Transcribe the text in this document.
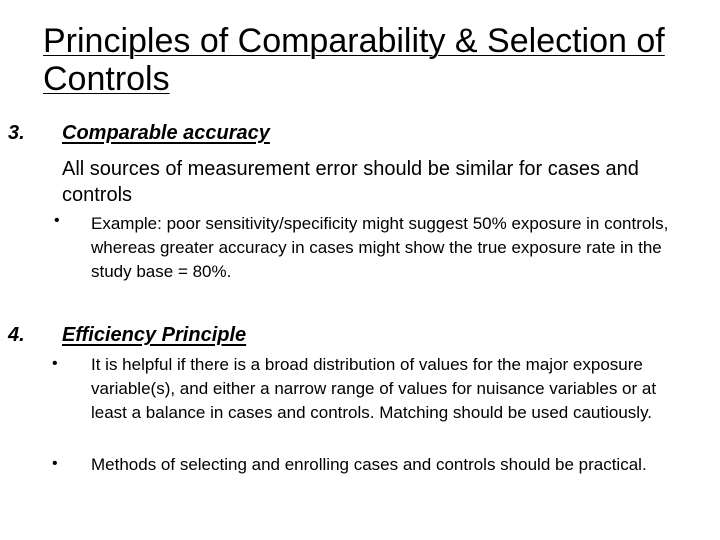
Principles of Comparability & Selection of Controls
3. Comparable accuracy
All sources of measurement error should be similar for cases and controls
• Example: poor sensitivity/specificity might suggest 50% exposure in controls, whereas greater accuracy in cases might show the true exposure rate in the study base = 80%.
4. Efficiency Principle
• It is helpful if there is a broad distribution of values for the major exposure variable(s), and either a narrow range of values for nuisance variables or at least a balance in cases and controls. Matching should be used cautiously.
• Methods of selecting and enrolling cases and controls should be practical.
